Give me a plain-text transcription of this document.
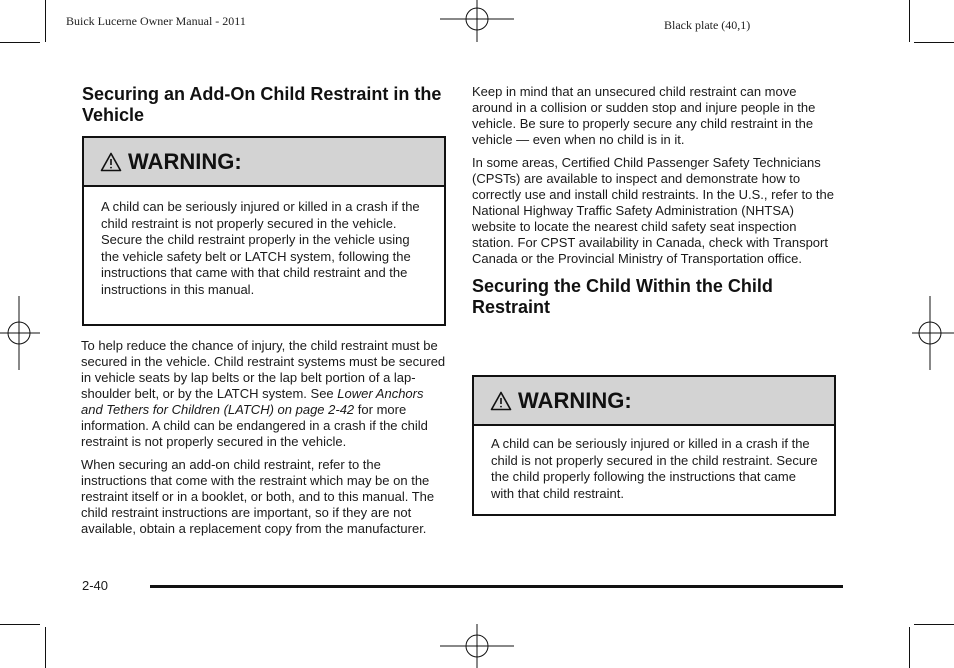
Buick Lucerne Owner Manual - 2011	Black plate (40,1)
Securing an Add-On Child Restraint in the Vehicle
WARNING:

A child can be seriously injured or killed in a crash if the child restraint is not properly secured in the vehicle. Secure the child restraint properly in the vehicle using the vehicle safety belt or LATCH system, following the instructions that came with that child restraint and the instructions in this manual.

To help reduce the chance of injury, the child restraint must be secured in the vehicle. Child restraint systems must be secured in vehicle seats by lap belts or the lap belt portion of a lap-shoulder belt, or by the LATCH system. See Lower Anchors and Tethers for Children (LATCH) on page 2-42 for more information. A child can be endangered in a crash if the child restraint is not properly secured in the vehicle.

When securing an add-on child restraint, refer to the instructions that come with the restraint which may be on the restraint itself or in a booklet, or both, and to this manual. The child restraint instructions are important, so if they are not available, obtain a replacement copy from the manufacturer.

Keep in mind that an unsecured child restraint can move around in a collision or sudden stop and injure people in the vehicle. Be sure to properly secure any child restraint in the vehicle — even when no child is in it.

In some areas, Certified Child Passenger Safety Technicians (CPSTs) are available to inspect and demonstrate how to correctly use and install child restraints. In the U.S., refer to the National Highway Traffic Safety Administration (NHTSA) website to locate the nearest child safety seat inspection station. For CPST availability in Canada, check with Transport Canada or the Provincial Ministry of Transportation office.

Securing the Child Within the Child Restraint
WARNING:

A child can be seriously injured or killed in a crash if the child is not properly secured in the child restraint. Secure the child properly following the instructions that came with that child restraint.

2-40
